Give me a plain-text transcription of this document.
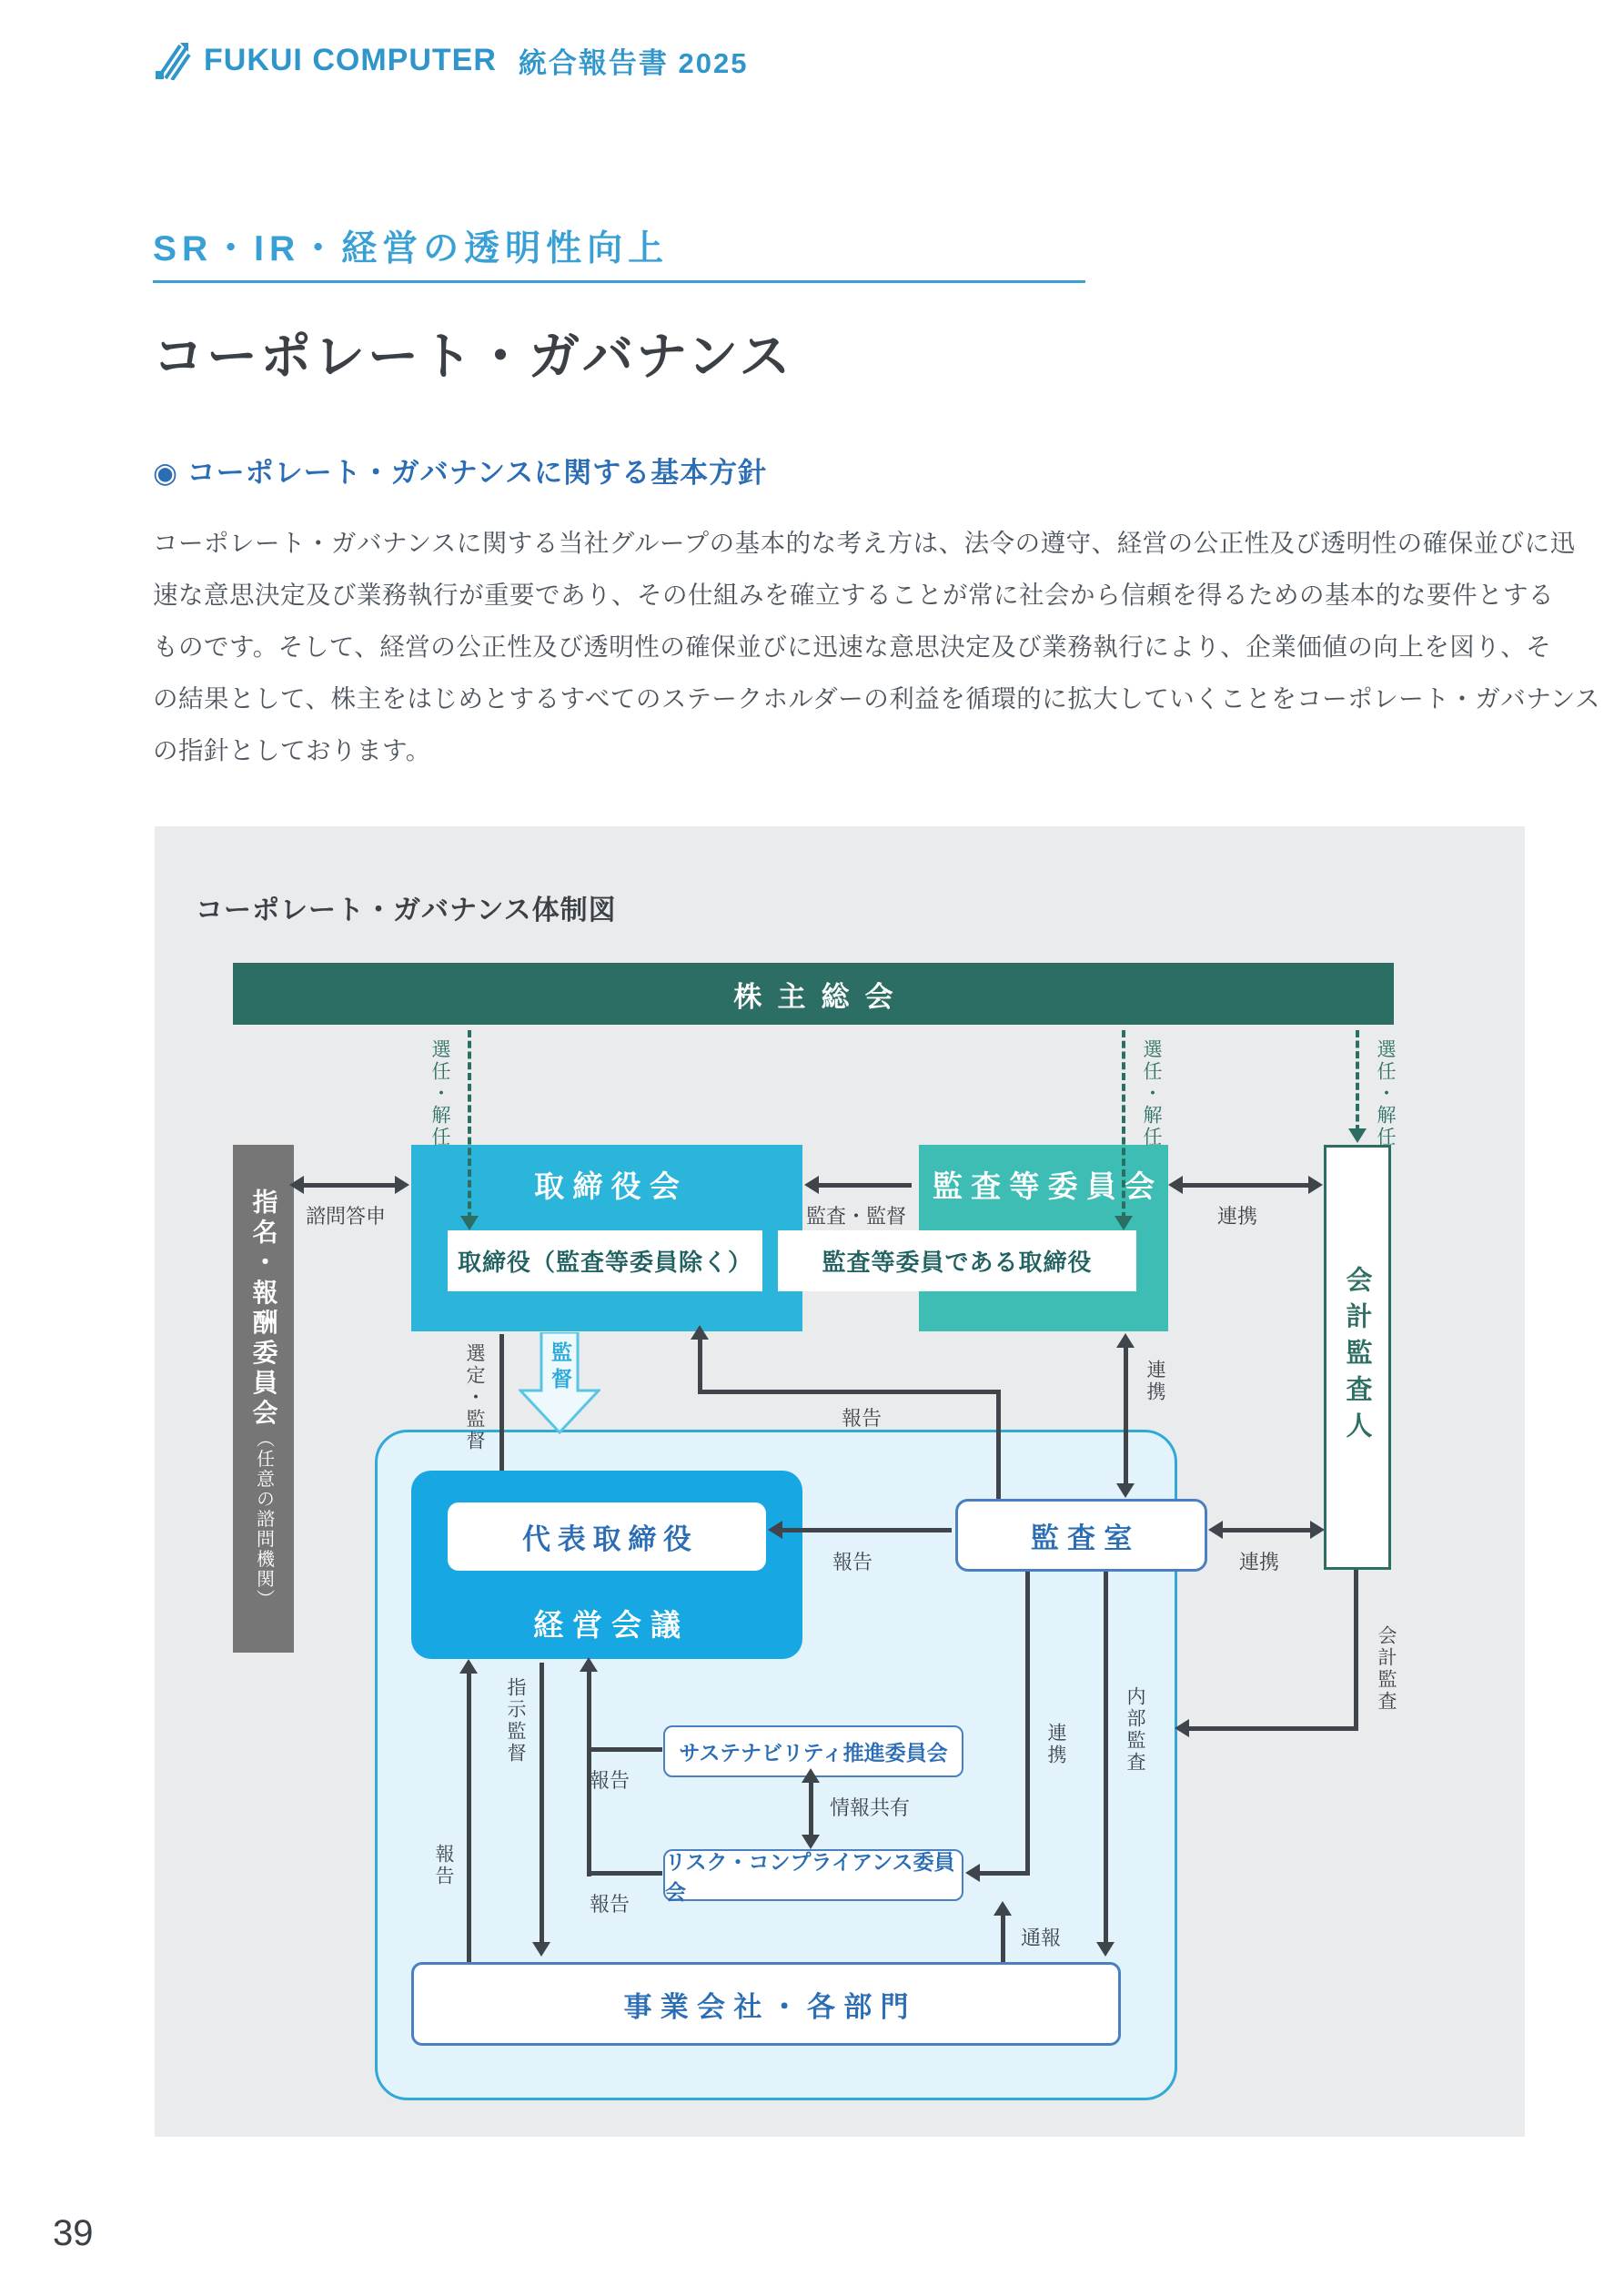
FUKUI COMPUTER 統合報告書 2025
SR・IR・経営の透明性向上
コーポレート・ガバナンス
◉ コーポレート・ガバナンスに関する基本方針
コーポレート・ガバナンスに関する当社グループの基本的な考え方は、法令の遵守、経営の公正性及び透明性の確保並びに迅
速な意思決定及び業務執行が重要であり、その仕組みを確立することが常に社会から信頼を得るための基本的な要件とする
ものです。そして、経営の公正性及び透明性の確保並びに迅速な意思決定及び業務執行により、企業価値の向上を図り、そ
の結果として、株主をはじめとするすべてのステークホルダーの利益を循環的に拡大していくことをコーポレート・ガバナンス
の指針としております。
コーポレート・ガバナンス体制図
株主総会
指名・報酬委員会（任意の諮問機関）
取締役会	監査等委員会
取締役（監査等委員除く）	監査等委員である取締役
会計監査人
選任・解任	選任・解任	選任・解任
諮問答申	監査・監督	連携
選定・監督	監督
報告
連携
代表取締役
経営会議
監査室
報告	連携
サステナビリティ推進委員会
リスク・コンプライアンス委員会
情報共有
報告
報告
指示監督
報告
通報
連携	内部監査
会計監査
事業会社・各部門
39
